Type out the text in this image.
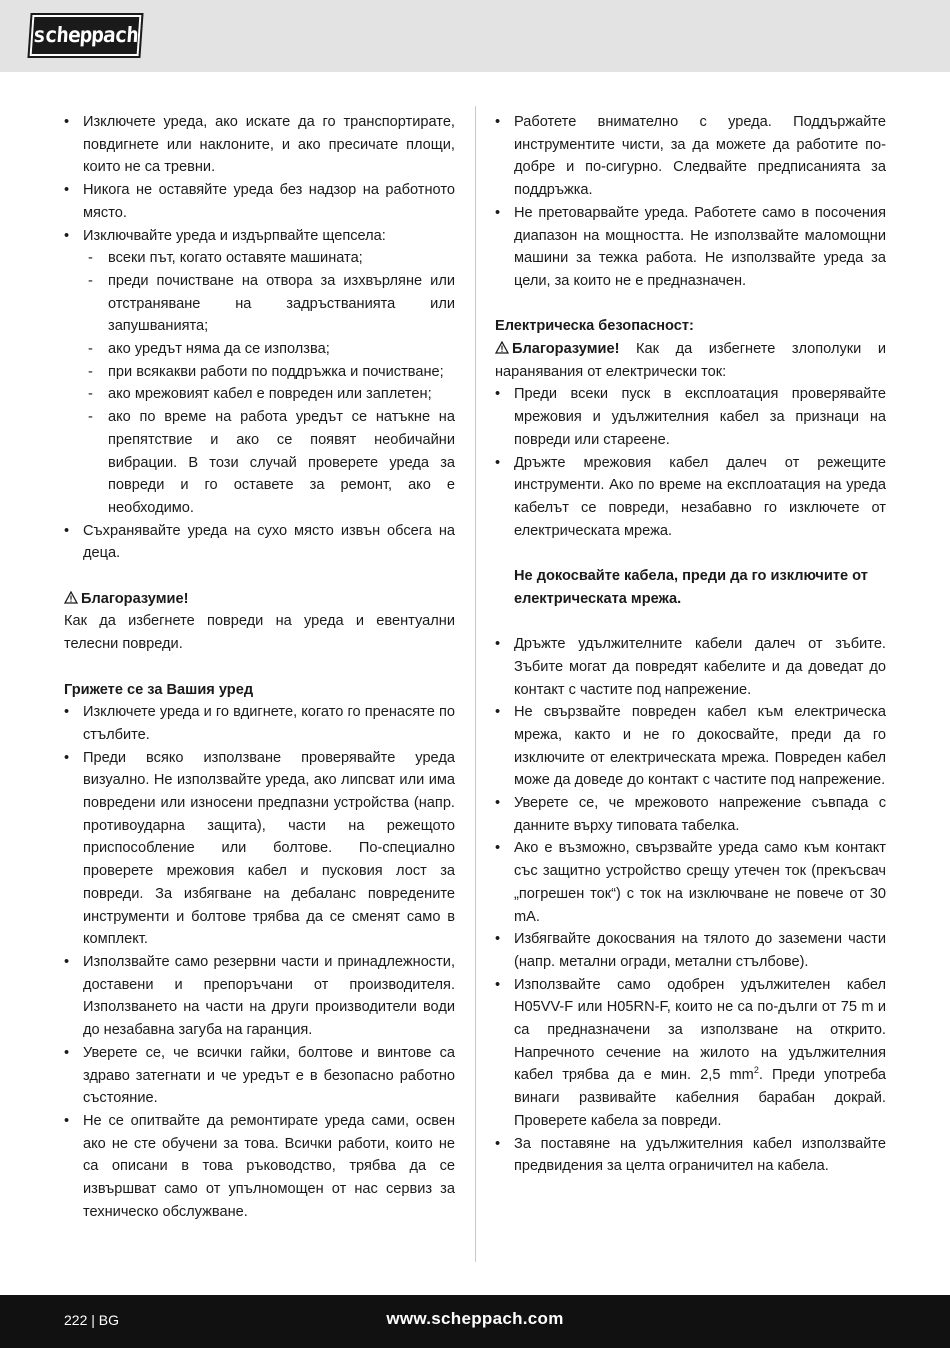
scheppach
• Изключете уреда, ако искате да го транспортирате, повдигнете или наклоните, и ако пресичате площи, които не са тревни.
• Никога не оставяйте уреда без надзор на работното място.
• Изключвайте уреда и издърпвайте щепсела:
- всеки път, когато оставяте машината;
- преди почистване на отвора за изхвърляне или отстраняване на задръстванията или запушванията;
- ако уредът няма да се използва;
- при всякакви работи по поддръжка и почистване;
- ако мрежовият кабел е повреден или заплетен;
- ако по време на работа уредът се натъкне на препятствие и ако се появят необичайни вибрации. В този случай проверете уреда за повреди и го оставете за ремонт, ако е необходимо.
• Съхранявайте уреда на сухо място извън обсега на деца.
Благоразумие!

Как да избегнете повреди на уреда и евентуални телесни повреди.

Грижете се за Вашия уред
• Изключете уреда и го вдигнете, когато го пренасяте по стълбите.
• Преди всяко използване проверявайте уреда визуално. Не използвайте уреда, ако липсват или има повредени или износени предпазни устройства (напр. противоударна защита), части на режещото приспособление или болтове. По-специално проверете мрежовия кабел и пусковия лост за повреди. За избягване на дебаланс повредените инструменти и болтове трябва да се сменят само в комплект.
• Използвайте само резервни части и принадлежности, доставени и препоръчани от производителя. Използването на части на други производители води до незабавна загуба на гаранция.
• Уверете се, че всички гайки, болтове и винтове са здраво затегнати и че уредът е в безопасно работно състояние.
• Не се опитвайте да ремонтирате уреда сами, освен ако не сте обучени за това. Всички работи, които не са описани в това ръководство, трябва да се извършват само от упълномощен от нас сервиз за техническо обслужване.
• Работете внимателно с уреда. Поддържайте инструментите чисти, за да можете да работите по-добре и по-сигурно. Следвайте предписанията за поддръжка.
• Не претоварвайте уреда. Работете само в посочения диапазон на мощността. Не използвайте маломощни машини за тежка работа. Не използвайте уреда за цели, за които не е предназначен.
Електрическа безопасност:

Благоразумие! Как да избегнете злополуки и наранявания от електрически ток:

• Преди всеки пуск в експлоатация проверявайте мрежовия и удължителния кабел за признаци на повреди или стареене.
• Дръжте мрежовия кабел далеч от режещите инструменти. Ако по време на експлоатация на уреда кабелът се повреди, незабавно го изключете от електрическата мрежа.

Не докосвайте кабела, преди да го изключите от електрическата мрежа.

• Дръжте удължителните кабели далеч от зъбите. Зъбите могат да повредят кабелите и да доведат до контакт с частите под напрежение.
• Не свързвайте повреден кабел към електрическа мрежа, както и не го докосвайте, преди да го изключите от електрическата мрежа. Повреден кабел може да доведе до контакт с частите под напрежение.
• Уверете се, че мрежовото напрежение съвпада с данните върху типовата табелка.
• Ако е възможно, свързвайте уреда само към контакт със защитно устройство срещу утечен ток (прекъсвач „погрешен ток“) с ток на изключване не повече от 30 mA.
• Избягвайте докосвания на тялото до заземени части (напр. метални огради, метални стълбове).
• Използвайте само одобрен удължителен кабел H05VV-F или H05RN-F, които не са по-дълги от 75 m и са предназначени за използване на открито. Напречното сечение на жилото на удължителния кабел трябва да е мин. 2,5 $mm^2$. Преди употреба винаги развивайте кабелния барабан докрай. Проверете кабела за повреди.
• За поставяне на удължителния кабел използвайте предвидения за целта ограничител на кабела.
222 | BG	www.scheppach.com
